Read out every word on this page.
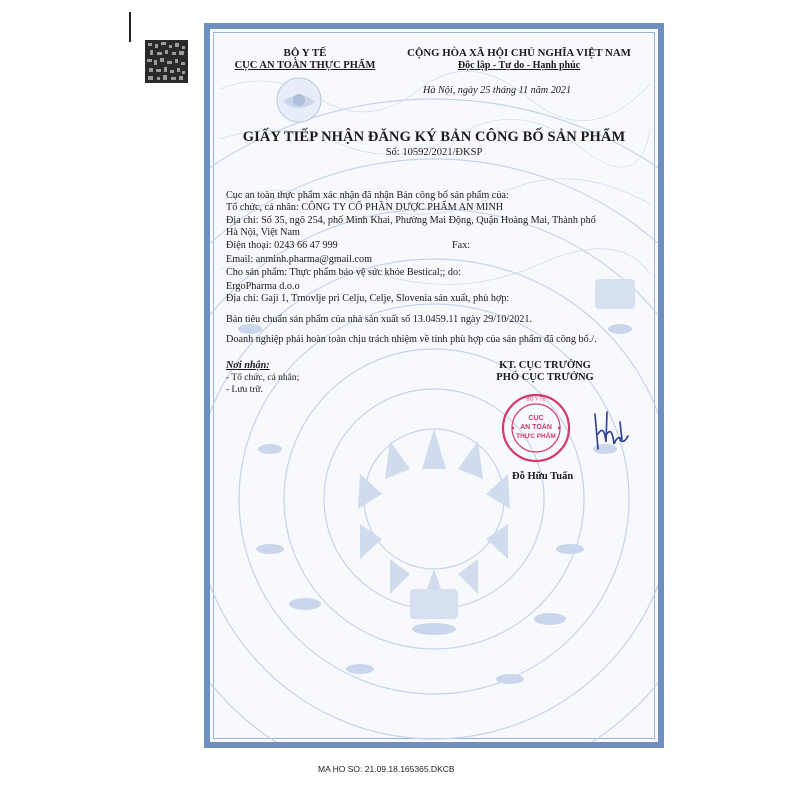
BỘ Y TẾ
CỤC AN TOÀN THỰC PHẨM
CỘNG HÒA XÃ HỘI CHỦ NGHĨA VIỆT NAM
Độc lập - Tự do - Hạnh phúc
Hà Nội, ngày 25 tháng 11 năm 2021
GIẤY TIẾP NHẬN ĐĂNG KÝ BẢN CÔNG BỐ SẢN PHẨM
Số: 10592/2021/ĐKSP
Cục an toàn thực phẩm xác nhận đã nhận Bản công bố sản phẩm của:
Tổ chức, cá nhân: CÔNG TY CỔ PHẦN DƯỢC PHẨM AN MINH
Địa chỉ: Số 35, ngõ 254, phố Minh Khai, Phường Mai Động, Quận Hoàng Mai, Thành phố
Hà Nội, Việt Nam
Điện thoại: 0243 66 47 999	Fax:
Email: anminh.pharma@gmail.com
Cho sản phẩm: Thực phẩm bảo vệ sức khỏe Bestical;; do:
ErgoPharma d.o.o
Địa chỉ: Gaji 1, Trnovlje pri Celju, Celje, Slovenia sản xuất, phù hợp:
Bản tiêu chuẩn sản phẩm của nhà sản xuất số 13.0459.11 ngày 29/10/2021.
Doanh nghiệp phải hoàn toàn chịu trách nhiệm về tính phù hợp của sản phẩm đã công bố./.
Nơi nhận:
- Tổ chức, cá nhân;
- Lưu trữ.
KT. CỤC TRƯỞNG
PHÓ CỤC TRƯỞNG
BỘ Y TẾ
CỤC
AN TOÀN
THỰC PHẨM
Đỗ Hữu Tuấn
MA HO SO: 21.09.18.165365.DKCB
